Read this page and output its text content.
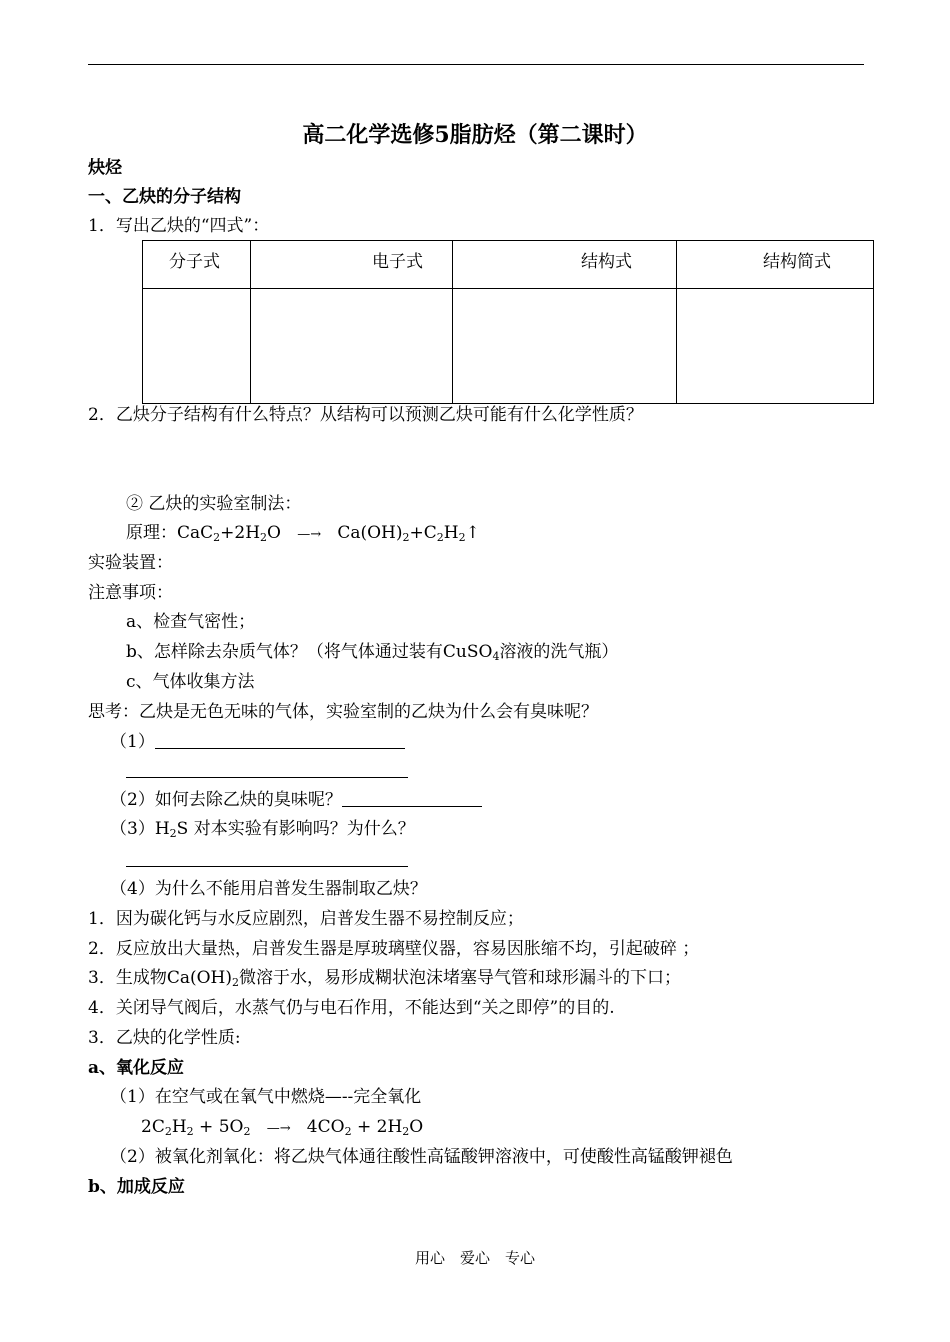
高二化学选修5脂肪烃（第二课时）
炔烃
一、乙炔的分子结构
1．写出乙炔的“四式”：
分子式	电子式	结构式	结构简式

2．乙炔分子结构有什么特点？从结构可以预测乙炔可能有什么化学性质？
② 乙炔的实验室制法：
原理：$CaC_2+2H_2O$   —→   $Ca(OH)_2+C_2H_2↑$
实验装置：
注意事项：
a、检查气密性；
b、怎样除去杂质气体？（将气体通过装有CuSO$_4$溶液的洗气瓶）
c、气体收集方法
思考：乙炔是无色无味的气体，实验室制的乙炔为什么会有臭味呢？
（1）
（2）如何去除乙炔的臭味呢？
$(3)H_2S$ 对本实验有影响吗？为什么？
（4）为什么不能用启普发生器制取乙炔？
1．因为碳化钙与水反应剧烈，启普发生器不易控制反应；
2．反应放出大量热，启普发生器是厚玻璃壁仪器，容易因胀缩不均，引起破碎 ；
3．生成物$Ca(OH)_2$微溶于水，易形成糊状泡沫堵塞导气管和球形漏斗的下口；
4．关闭导气阀后，水蒸气仍与电石作用，不能达到“关之即停”的目的.
3．乙炔的化学性质:
a、氧化反应
（1）在空气或在氧气中燃烧—--完全氧化
$2C_2H_2 + 5O_2$ —→   $4CO_2 + 2H_2O$
（2）被氧化剂氧化：将乙炔气体通往酸性高锰酸钾溶液中，可使酸性高锰酸钾褪色
b、加成反应
用心　爱心　专心
